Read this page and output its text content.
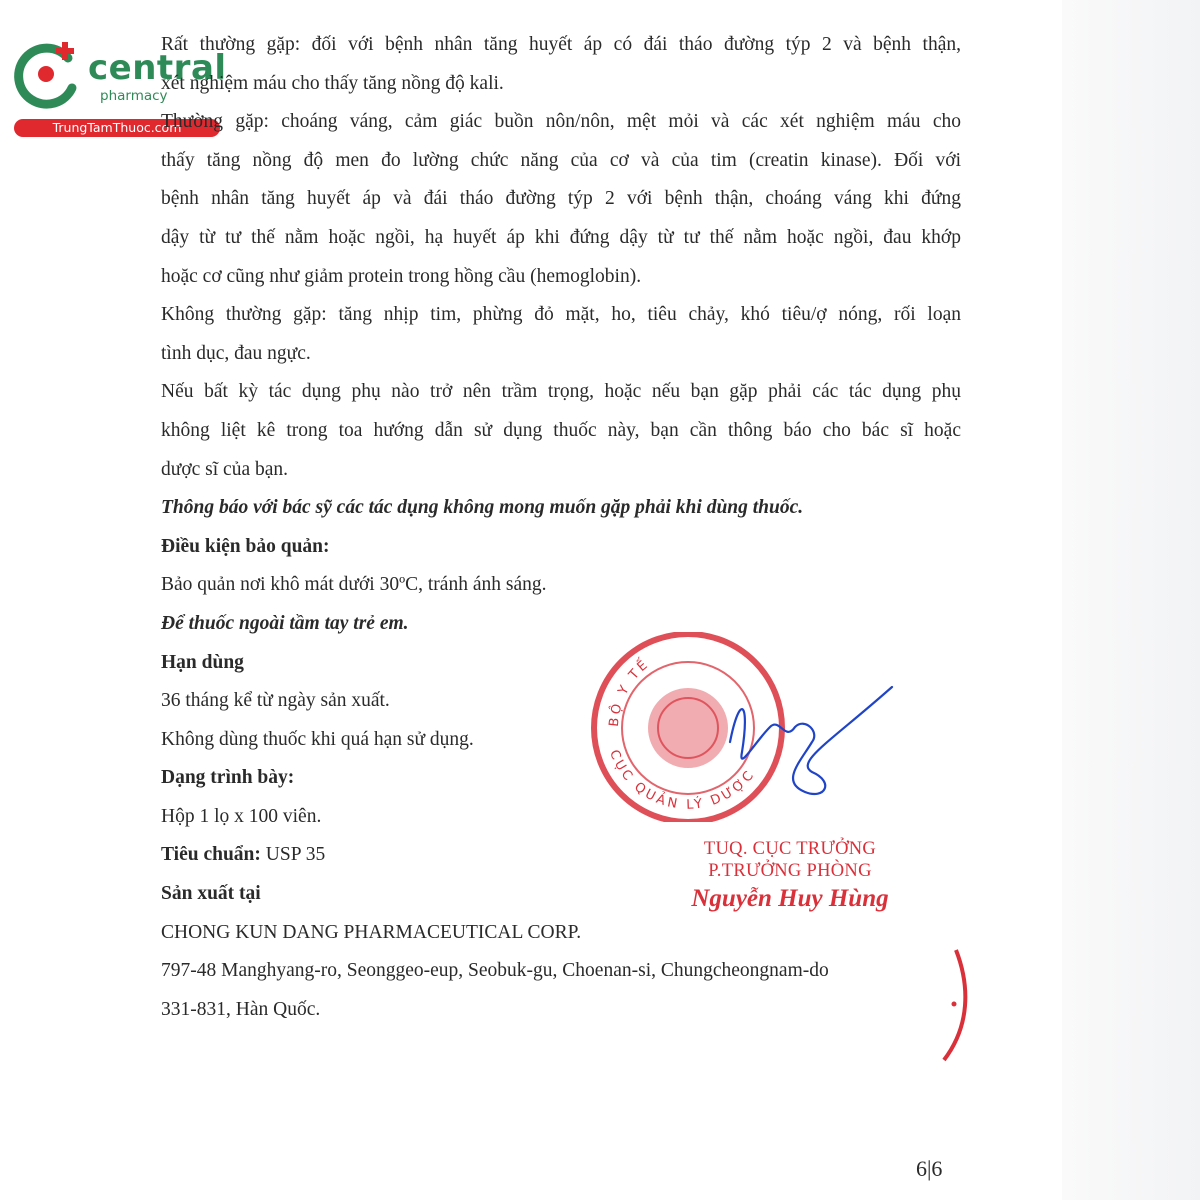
central
pharmacy
TrungTamThuoc.com

Rất thường gặp: đối với bệnh nhân tăng huyết áp có đái tháo đường týp 2 và bệnh thận,

xét nghiệm máu cho thấy tăng nồng độ kali.

Thường gặp: choáng váng, cảm giác buồn nôn/nôn, mệt mỏi và các xét nghiệm máu cho

thấy tăng nồng độ men đo lường chức năng của cơ và của tim (creatin kinase). Đối với

bệnh nhân tăng huyết áp và đái tháo đường týp 2 với bệnh thận, choáng váng khi đứng

dậy từ tư thế nằm hoặc ngồi, hạ huyết áp khi đứng dậy từ tư thế nằm hoặc ngồi, đau khớp

hoặc cơ cũng như giảm protein trong hồng cầu (hemoglobin).

Không thường gặp: tăng nhịp tim, phừng đỏ mặt, ho, tiêu chảy, khó tiêu/ợ nóng, rối loạn

tình dục, đau ngực.

Nếu bất kỳ tác dụng phụ nào trở nên trầm trọng, hoặc nếu bạn gặp phải các tác dụng phụ

không liệt kê trong toa hướng dẫn sử dụng thuốc này, bạn cần thông báo cho bác sĩ hoặc

dược sĩ của bạn.

Thông báo với bác sỹ các tác dụng không mong muốn gặp phải khi dùng thuốc.

Điều kiện bảo quản:

Bảo quản nơi khô mát dưới 30ºC, tránh ánh sáng.

Để thuốc ngoài tầm tay trẻ em.

Hạn dùng

36 tháng kể từ ngày sản xuất.

Không dùng thuốc khi quá hạn sử dụng.

Dạng trình bày:

Hộp 1 lọ x 100 viên.

Tiêu chuẩn: USP 35

Sản xuất tại

CHONG KUN DANG PHARMACEUTICAL CORP.

797-48 Manghyang-ro, Seonggeo-eup, Seobuk-gu, Choenan-si, Chungcheongnam-do

331-831, Hàn Quốc.

BỘ Y TẾ
CỤC QUẢN LÝ DƯỢC
TUQ. CỤC TRƯỞNG
P.TRƯỞNG PHÒNG
Nguyễn Huy Hùng
6|6
